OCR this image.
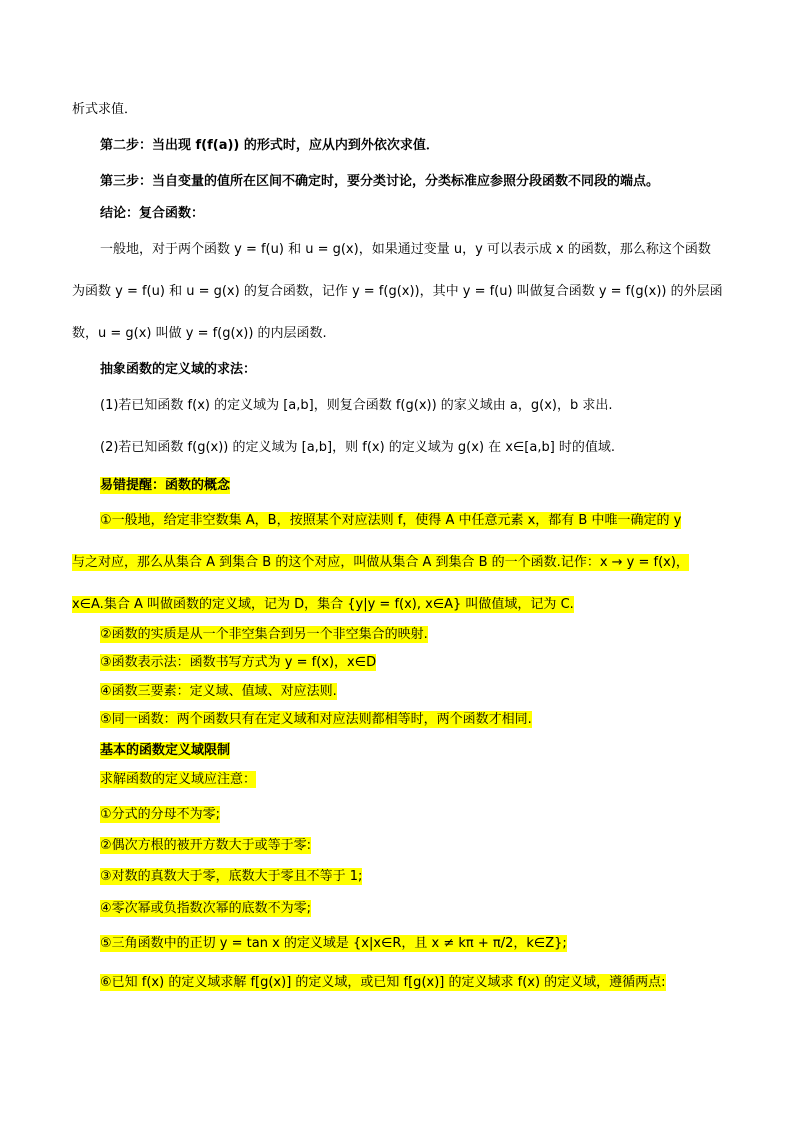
析式求值．
第二步：当出现 f(f(a)) 的形式时，应从内到外依次求值．
第三步：当自变量的值所在区间不确定时，要分类讨论，分类标准应参照分段函数不同段的端点。
结论：复合函数：
一般地，对于两个函数 y = f(u) 和 u = g(x)，如果通过变量 u，y 可以表示成 x 的函数，那么称这个函数
为函数 y = f(u) 和 u = g(x) 的复合函数，记作 y = f(g(x))，其中 y = f(u) 叫做复合函数 y = f(g(x)) 的外层函
数，u = g(x) 叫做 y = f(g(x)) 的内层函数.
抽象函数的定义域的求法：
(1)若已知函数 f(x) 的定义域为 [a,b]，则复合函数 f(g(x)) 的家义域由 a，g(x)，b 求出.
(2)若已知函数 f(g(x)) 的定义域为 [a,b]，则 f(x) 的定义域为 g(x) 在 x∈[a,b] 时的值域.
易错提醒：函数的概念
①一般地，给定非空数集 A，B，按照某个对应法则 f，使得 A 中任意元素 x，都有 B 中唯一确定的 y
与之对应，那么从集合 A 到集合 B 的这个对应，叫做从集合 A 到集合 B 的一个函数.记作：x → y = f(x)，
x∈A.集合 A 叫做函数的定义域，记为 D，集合 {y|y = f(x), x∈A} 叫做值域，记为 C.
②函数的实质是从一个非空集合到另一个非空集合的映射.
③函数表示法：函数书写方式为 y = f(x)，x∈D
④函数三要素：定义域、值域、对应法则.
⑤同一函数：两个函数只有在定义域和对应法则都相等时，两个函数才相同.
基本的函数定义域限制
求解函数的定义域应注意：
①分式的分母不为零;
②偶次方根的被开方数大于或等于零:
③对数的真数大于零，底数大于零且不等于 1;
④零次幂或负指数次幂的底数不为零;
⑤三角函数中的正切 y = tan x 的定义域是 {x|x∈R，且 x ≠ kπ + π/2，k∈Z};
⑥已知 f(x) 的定义域求解 f[g(x)] 的定义域，或已知 f[g(x)] 的定义域求 f(x) 的定义域，遵循两点:
